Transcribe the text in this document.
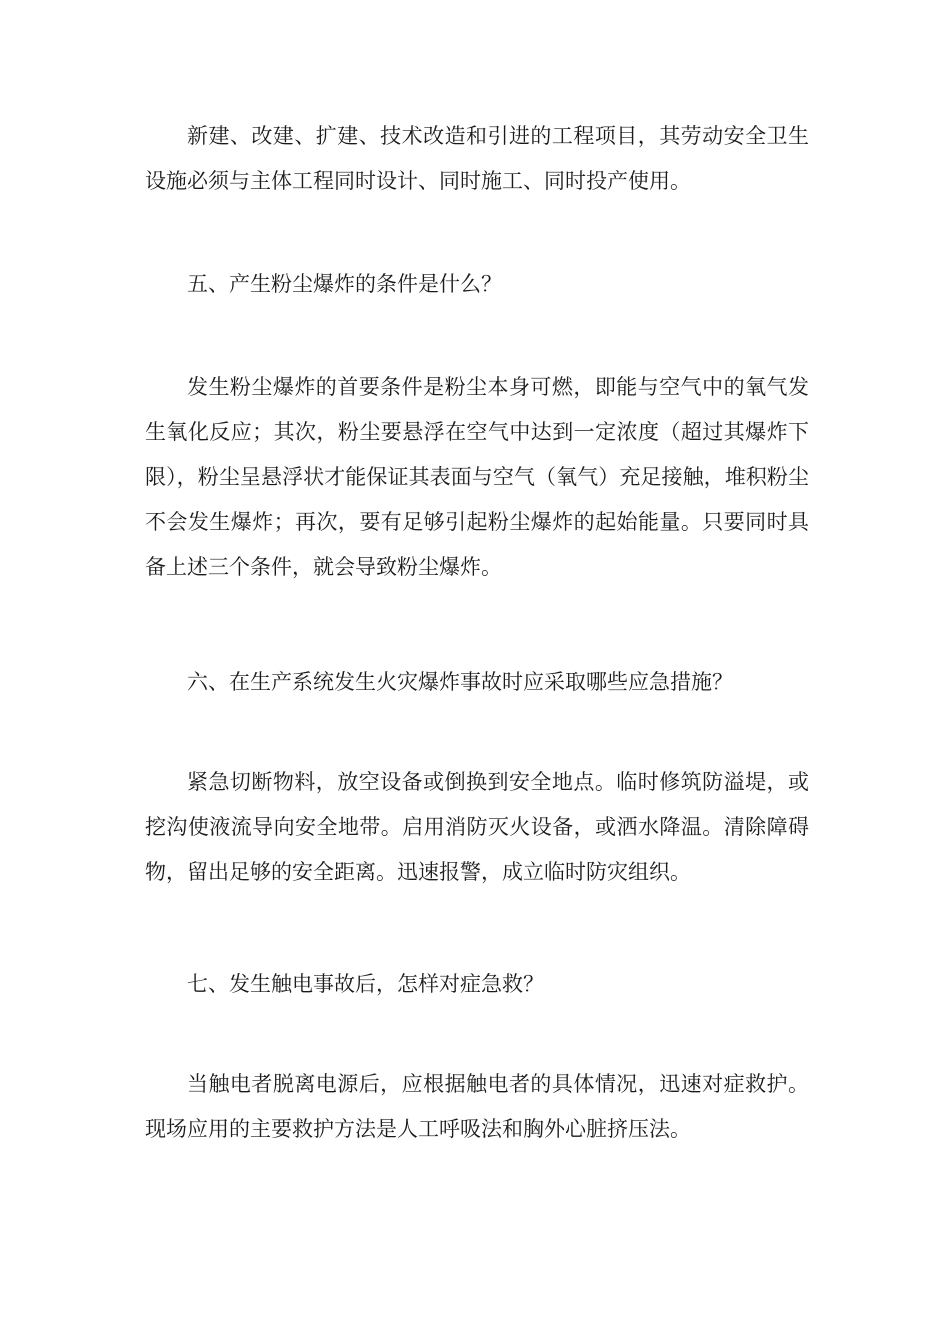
新建、改建、扩建、技术改造和引进的工程项目，其劳动安全卫生设施必须与主体工程同时设计、同时施工、同时投产使用。

五、产生粉尘爆炸的条件是什么？

发生粉尘爆炸的首要条件是粉尘本身可燃，即能与空气中的氧气发生氧化反应；其次，粉尘要悬浮在空气中达到一定浓度（超过其爆炸下限），粉尘呈悬浮状才能保证其表面与空气（氧气）充足接触，堆积粉尘不会发生爆炸；再次，要有足够引起粉尘爆炸的起始能量。只要同时具备上述三个条件，就会导致粉尘爆炸。

六、在生产系统发生火灾爆炸事故时应采取哪些应急措施？

紧急切断物料，放空设备或倒换到安全地点。临时修筑防溢堤，或挖沟使液流导向安全地带。启用消防灭火设备，或洒水降温。清除障碍物，留出足够的安全距离。迅速报警，成立临时防灾组织。

七、发生触电事故后，怎样对症急救？

当触电者脱离电源后，应根据触电者的具体情况，迅速对症救护。现场应用的主要救护方法是人工呼吸法和胸外心脏挤压法。
